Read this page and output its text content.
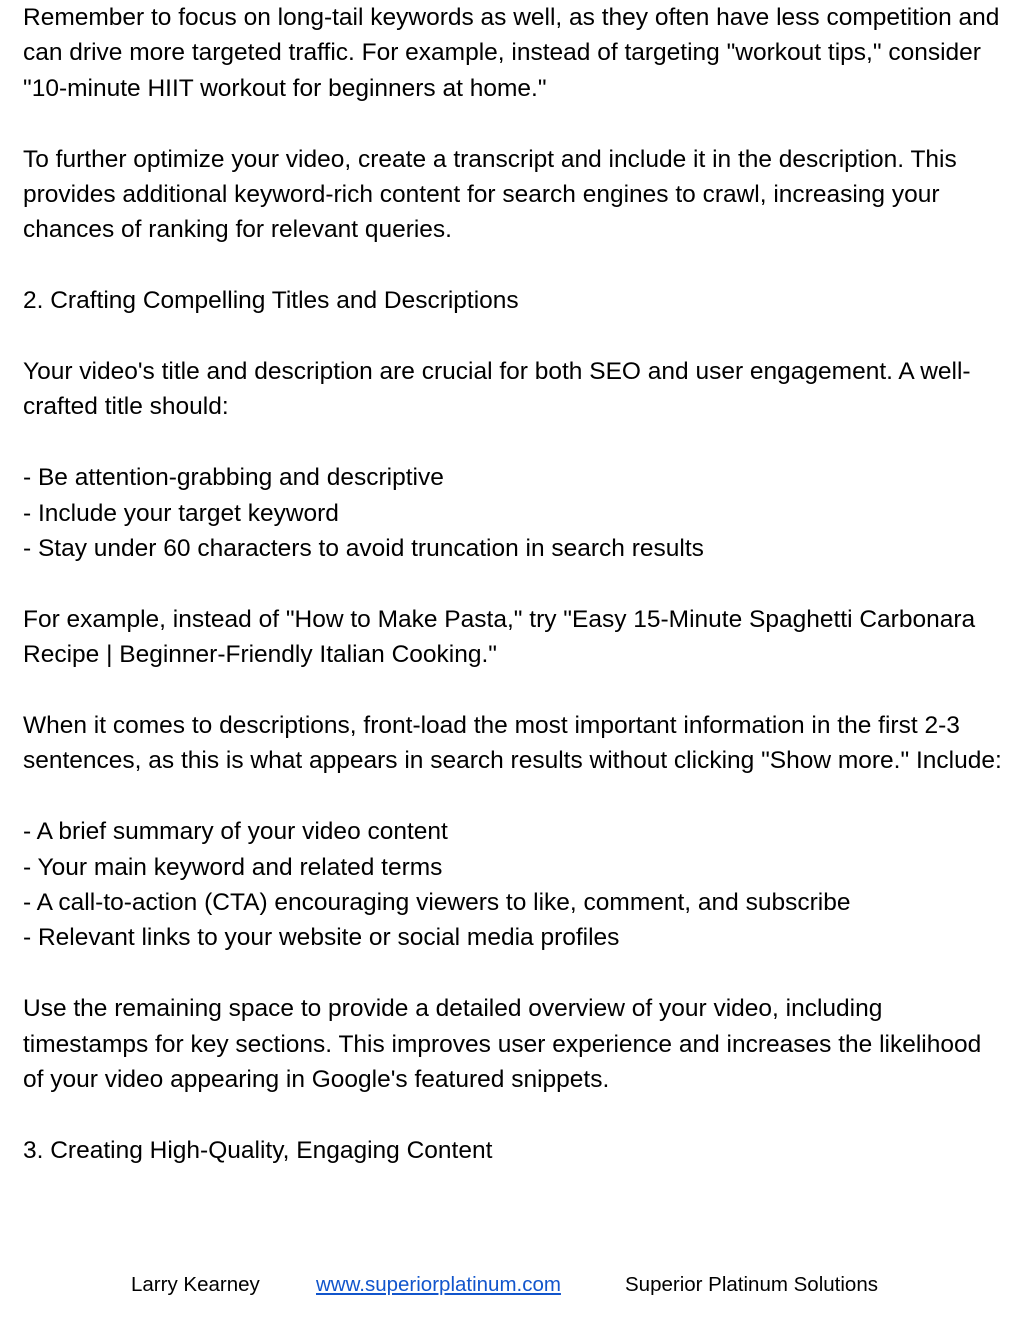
Remember to focus on long-tail keywords as well, as they often have less competition and can drive more targeted traffic. For example, instead of targeting "workout tips," consider "10-minute HIIT workout for beginners at home."

To further optimize your video, create a transcript and include it in the description. This provides additional keyword-rich content for search engines to crawl, increasing your chances of ranking for relevant queries.

2. Crafting Compelling Titles and Descriptions

Your video's title and description are crucial for both SEO and user engagement. A well-crafted title should:

- Be attention-grabbing and descriptive
- Include your target keyword
- Stay under 60 characters to avoid truncation in search results

For example, instead of "How to Make Pasta," try "Easy 15-Minute Spaghetti Carbonara Recipe | Beginner-Friendly Italian Cooking."

When it comes to descriptions, front-load the most important information in the first 2-3 sentences, as this is what appears in search results without clicking "Show more." Include:

- A brief summary of your video content
- Your main keyword and related terms
- A call-to-action (CTA) encouraging viewers to like, comment, and subscribe
- Relevant links to your website or social media profiles

Use the remaining space to provide a detailed overview of your video, including timestamps for key sections. This improves user experience and increases the likelihood of your video appearing in Google's featured snippets.

3. Creating High-Quality, Engaging Content

Larry Kearney	www.superiorplatinum.com	Superior Platinum Solutions
